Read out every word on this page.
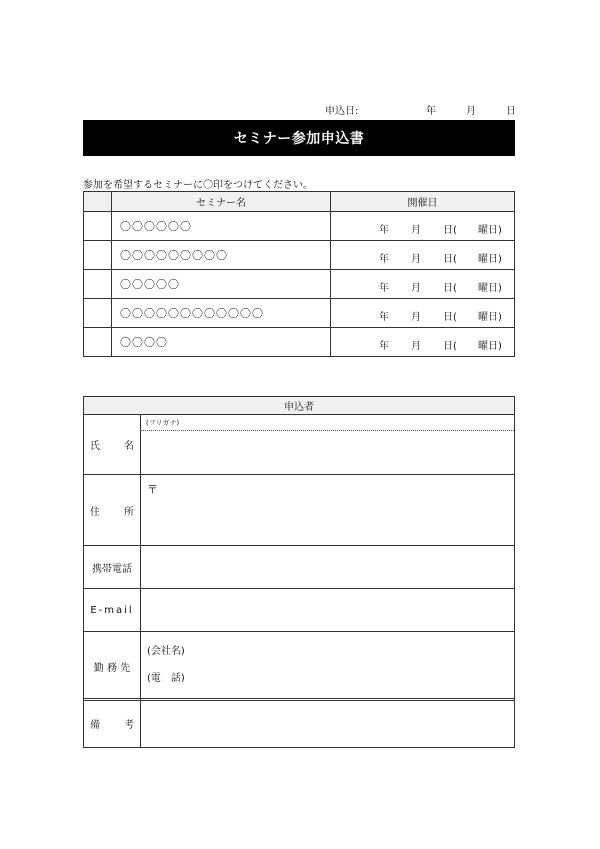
申込日:	年	月	日
セミナー参加申込書
参加を希望するセミナーに〇印をつけてください。
	セミナー名	開催日
	〇〇〇〇〇〇	年 月 日( 曜日)

	〇〇〇〇〇〇〇〇〇	年 月 日( 曜日)

	〇〇〇〇〇	年 月 日( 曜日)

	〇〇〇〇〇〇〇〇〇〇〇〇	年 月 日( 曜日)

	〇〇〇〇	年 月 日( 曜日)
申込者	

氏 名	(フリガナ)

住 所	〒
携帯電話	
E-mail	
勤 務 先	(会社名)
(電　話)
備 考
